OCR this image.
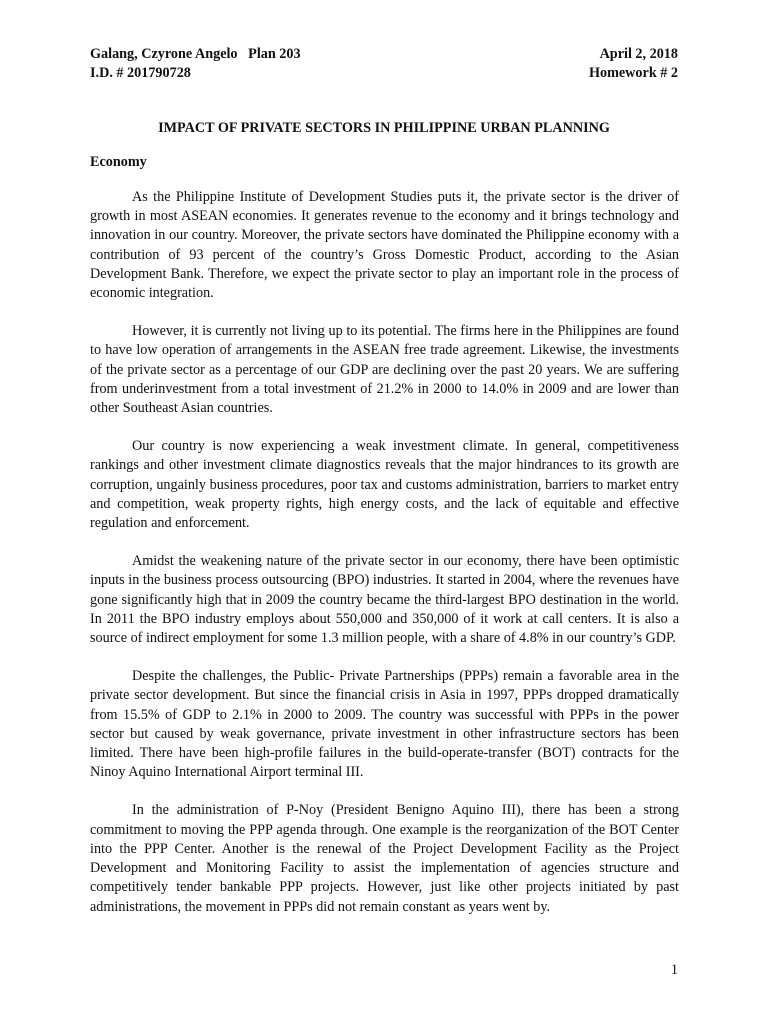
Galang, Czyrone Angelo   Plan 203	April 2, 2018
I.D. # 201790728	Homework # 2
IMPACT OF PRIVATE SECTORS IN PHILIPPINE URBAN PLANNING
Economy

As the Philippine Institute of Development Studies puts it, the private sector is the driver of growth in most ASEAN economies. It generates revenue to the economy and it brings technology and innovation in our country. Moreover, the private sectors have dominated the Philippine economy with a contribution of 93 percent of the country’s Gross Domestic Product, according to the Asian Development Bank. Therefore, we expect the private sector to play an important role in the process of economic integration.

However, it is currently not living up to its potential. The firms here in the Philippines are found to have low operation of arrangements in the ASEAN free trade agreement. Likewise, the investments of the private sector as a percentage of our GDP are declining over the past 20 years. We are suffering from underinvestment from a total investment of 21.2% in 2000 to 14.0% in 2009 and are lower than other Southeast Asian countries.

Our country is now experiencing a weak investment climate. In general, competitiveness rankings and other investment climate diagnostics reveals that the major hindrances to its growth are corruption, ungainly business procedures, poor tax and customs administration, barriers to market entry and competition, weak property rights, high energy costs, and the lack of equitable and effective regulation and enforcement.

Amidst the weakening nature of the private sector in our economy, there have been optimistic inputs in the business process outsourcing (BPO) industries. It started in 2004, where the revenues have gone significantly high that in 2009 the country became the third-largest BPO destination in the world. In 2011 the BPO industry employs about 550,000 and 350,000 of it work at call centers. It is also a source of indirect employment for some 1.3 million people, with a share of 4.8% in our country’s GDP.

Despite the challenges, the Public- Private Partnerships (PPPs) remain a favorable area in the private sector development. But since the financial crisis in Asia in 1997, PPPs dropped dramatically from 15.5% of GDP to 2.1% in 2000 to 2009. The country was successful with PPPs in the power sector but caused by weak governance, private investment in other infrastructure sectors has been limited. There have been high-profile failures in the build-operate-transfer (BOT) contracts for the Ninoy Aquino International Airport terminal III.

In the administration of P-Noy (President Benigno Aquino III), there has been a strong commitment to moving the PPP agenda through. One example is the reorganization of the BOT Center into the PPP Center. Another is the renewal of the Project Development Facility as the Project Development and Monitoring Facility to assist the implementation of agencies structure and competitively tender bankable PPP projects. However, just like other projects initiated by past administrations, the movement in PPPs did not remain constant as years went by.

1
